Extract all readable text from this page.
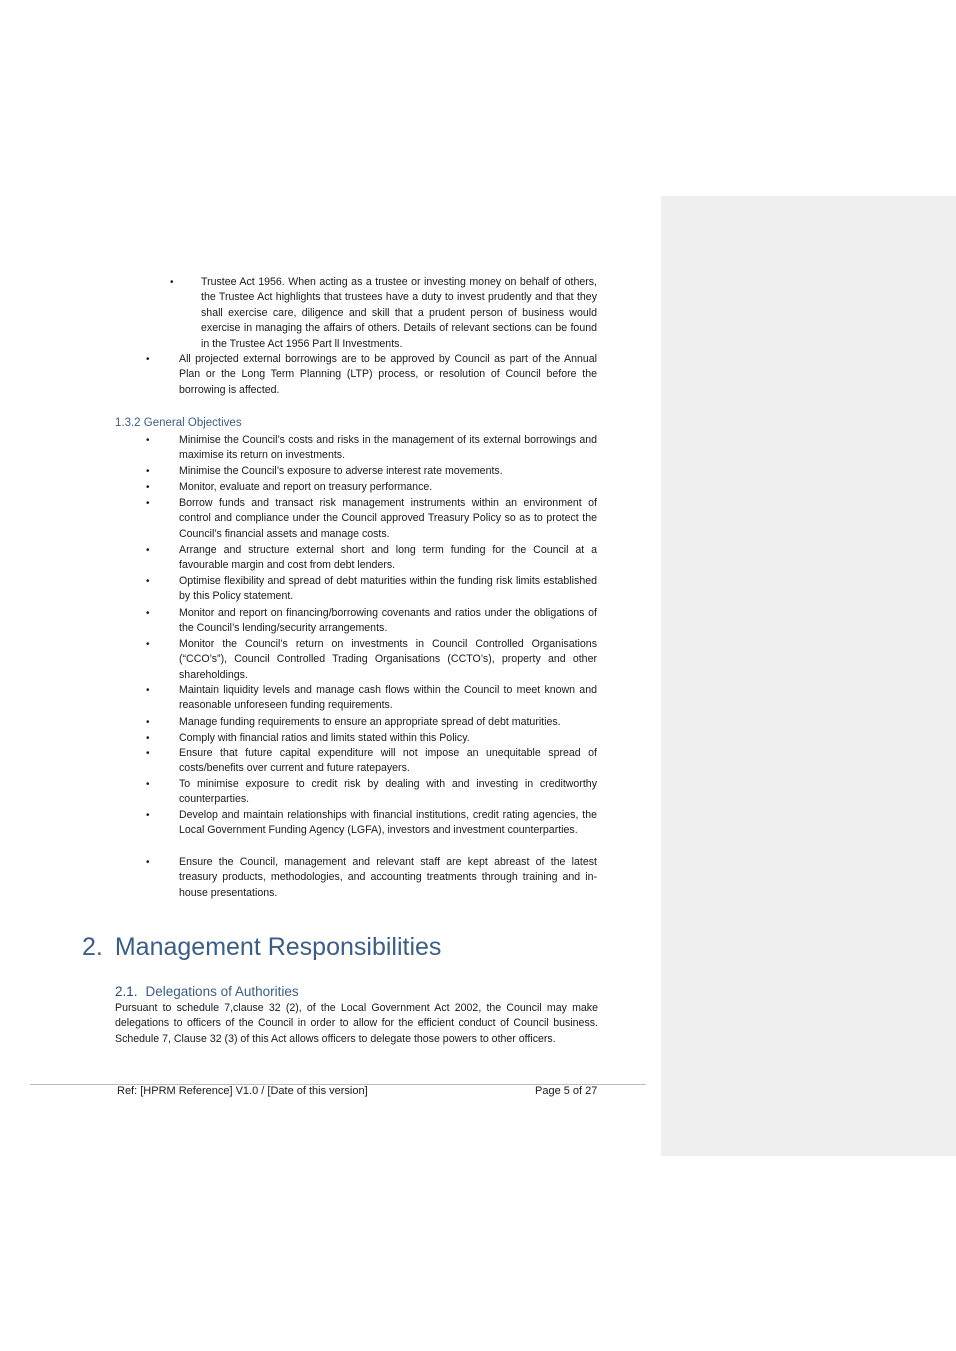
•	Trustee Act 1956. When acting as a trustee or investing money on behalf of others, the Trustee Act highlights that trustees have a duty to invest prudently and that they shall exercise care, diligence and skill that a prudent person of business would exercise in managing the affairs of others. Details of relevant sections can be found in the Trustee Act 1956 Part ll Investments.
•	All projected external borrowings are to be approved by Council as part of the Annual Plan or the Long Term Planning (LTP) process, or resolution of Council before the borrowing is affected.
1.3.2 General Objectives
•	Minimise the Council’s costs and risks in the management of its external borrowings and maximise its return on investments.
•	Minimise the Council’s exposure to adverse interest rate movements.
•	Monitor, evaluate and report on treasury performance.
•	Borrow funds and transact risk management instruments within an environment of control and compliance under the Council approved Treasury Policy so as to protect the Council’s financial assets and manage costs.
•	Arrange and structure external short and long term funding for the Council at a favourable margin and cost from debt lenders.
•	Optimise flexibility and spread of debt maturities within the funding risk limits established by this Policy statement.
•	Monitor and report on financing/borrowing covenants and ratios under the obligations of the Council’s lending/security arrangements.
•	Monitor the Council’s return on investments in Council Controlled Organisations (“CCO’s”), Council Controlled Trading Organisations (CCTO’s), property and other shareholdings.
•	Maintain liquidity levels and manage cash flows within the Council to meet known and reasonable unforeseen funding requirements.
•	Manage funding requirements to ensure an appropriate spread of debt maturities.
•	Comply with financial ratios and limits stated within this Policy.
•	Ensure that future capital expenditure will not impose an unequitable spread of costs/benefits over current and future ratepayers.
•	To minimise exposure to credit risk by dealing with and investing in creditworthy counterparties.
•	Develop and maintain relationships with financial institutions, credit rating agencies, the Local Government Funding Agency (LGFA), investors and investment counterparties.
•	Ensure the Council, management and relevant staff are kept abreast of the latest treasury products, methodologies, and accounting treatments through training and in-house presentations.
2. Management Responsibilities
2.1. Delegations of Authorities
Pursuant to schedule 7,clause 32 (2), of the Local Government Act 2002, the Council may make delegations to officers of the Council in order to allow for the efficient conduct of Council business. Schedule 7, Clause 32 (3) of this Act allows officers to delegate those powers to other officers.
Ref: [HPRM Reference] V1.0 / [Date of this version]	Page 5 of 27
